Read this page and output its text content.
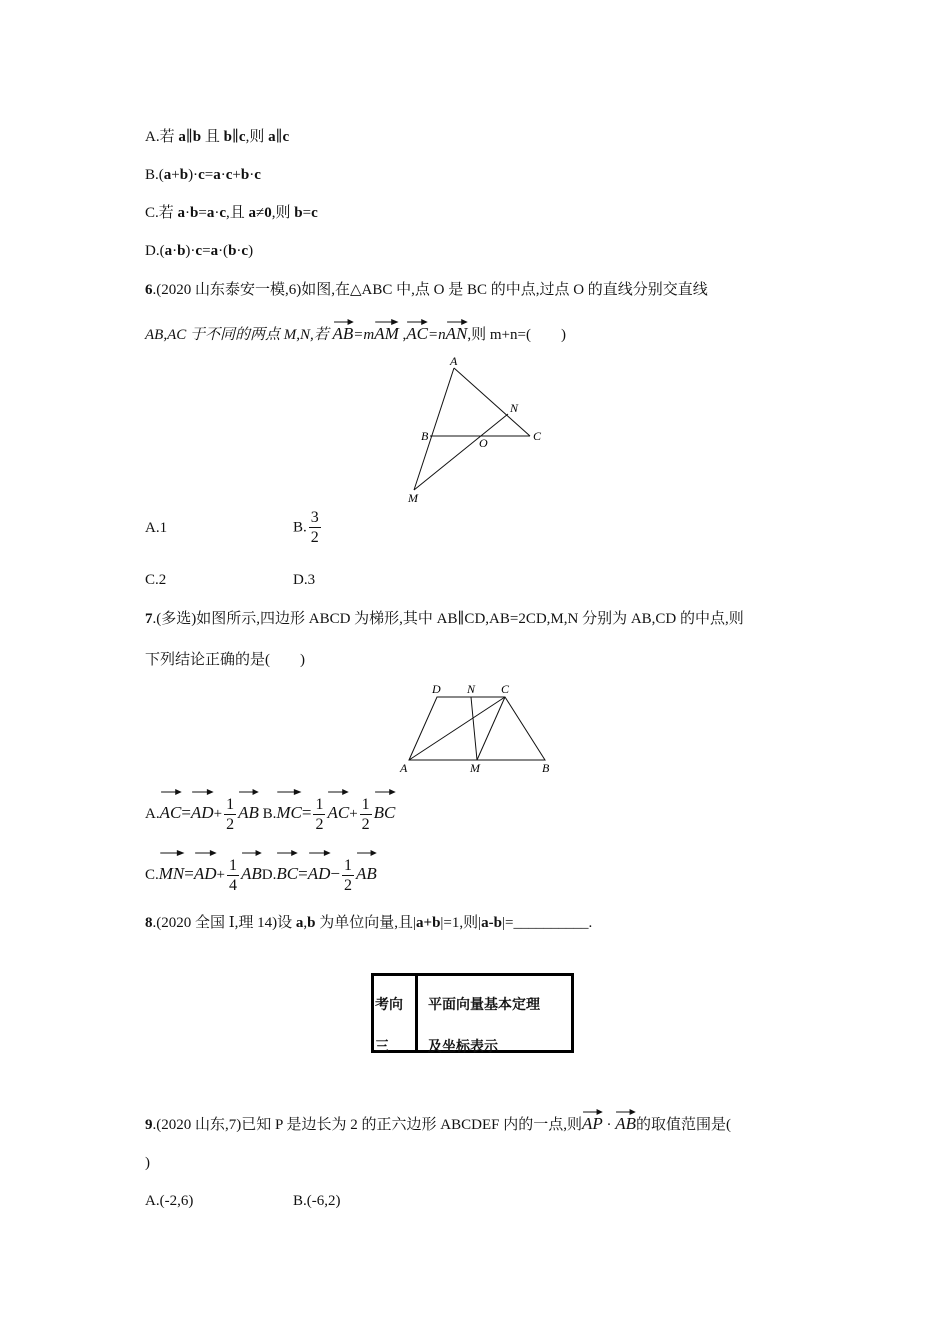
A.若 a∥b 且 b∥c,则 a∥c
B.(a+b)·c=a·c+b·c
C.若 a·b=a·c,且 a≠0,则 b=c
D.(a·b)·c=a·(b·c)
6.(2020 山东泰安一模,6)如图,在△ABC 中,点 O 是 BC 的中点,过点 O 的直线分别交直线
AB,AC 于不同的两点 M,N,若 AB=m
AM ,
AC=n
AN,则 m+n=(　　)
A
N
B	O	C
M
A.1	B. $\frac{3}{2}$
C.2	D.3
7.(多选)如图所示,四边形 ABCD 为梯形,其中 AB∥CD,AB=2CD,M,N 分别为 AB,CD 的中点,则
下列结论正确的是(　　)
D N C
A	M	B
A.
AC=
$AD+ \frac{1}{2}$ AB B.
$MC= \frac{1}{2} AC+ \frac{1}{2}$ BC
C.
MN=
$AD+ \frac{1}{4}$ ABD.
BC=
$AD- \frac{1}{2}$ AB
8.(2020 全国 Ⅰ,理 14)设 a,b 为单位向量,且|a+b|=1,则|a-b|=__________.
考向
三
平面向量基本定理
及坐标表示
9.(2020 山东,7)已知 P 是边长为 2 的正六边形 ABCDEF 内的一点,则
AP ·
AB的取值范围是(
)
A.(-2,6)	B.(-6,2)
